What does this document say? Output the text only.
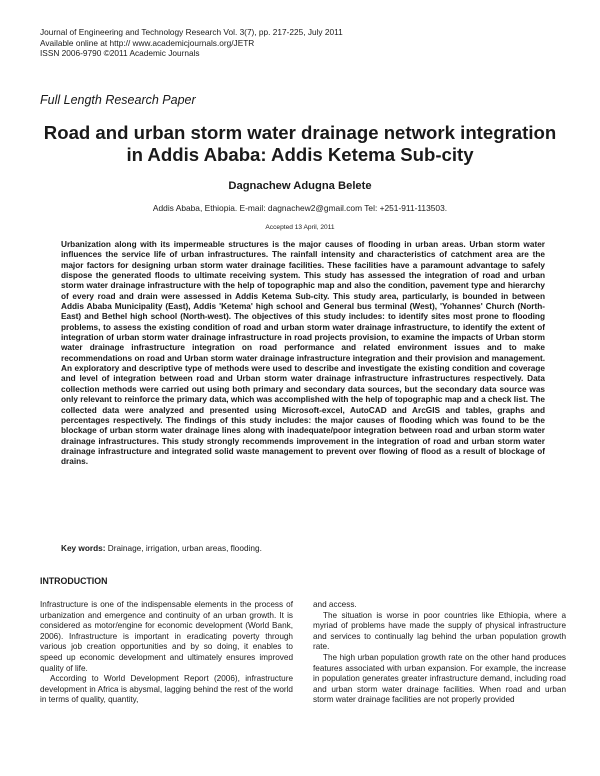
Journal of Engineering and Technology Research Vol. 3(7), pp. 217-225, July 2011
Available online at http:// www.academicjournals.org/JETR
ISSN 2006-9790 ©2011 Academic Journals
Full Length Research Paper
Road and urban storm water drainage network integration in Addis Ababa: Addis Ketema Sub-city
Dagnachew Adugna Belete
Addis Ababa, Ethiopia. E-mail: dagnachew2@gmail.com Tel: +251-911-113503.
Accepted 13 April, 2011

Urbanization along with its impermeable structures is the major causes of flooding in urban areas. Urban storm water influences the service life of urban infrastructures. The rainfall intensity and characteristics of catchment area are the major factors for designing urban storm water drainage facilities. These facilities have a paramount advantage to safely dispose the generated floods to ultimate receiving system. This study has assessed the integration of road and urban storm water drainage infrastructure with the help of topographic map and also the condition, pavement type and hierarchy of every road and drain were assessed in Addis Ketema Sub-city. This study area, particularly, is bounded in between Addis Ababa Municipality (East), Addis 'Ketema' high school and General bus terminal (West), 'Yohannes' Church (North-East) and Bethel high school (North-west). The objectives of this study includes: to identify sites most prone to flooding problems, to assess the existing condition of road and urban storm water drainage infrastructure, to identify the extent of integration of urban storm water drainage infrastructure in road projects provision, to examine the impacts of Urban storm water drainage infrastructure integration on road performance and related environment issues and to make recommendations on road and Urban storm water drainage infrastructure integration and their provision and management. An exploratory and descriptive type of methods were used to describe and investigate the existing condition and coverage and level of integration between road and Urban storm water drainage infrastructure infrastructures respectively. Data collection methods were carried out using both primary and secondary data sources, but the secondary data source was only relevant to reinforce the primary data, which was accomplished with the help of topographic map and a check list. The collected data were analyzed and presented using Microsoft-excel, AutoCAD and ArcGIS and tables, graphs and percentages respectively. The findings of this study includes: the major causes of flooding which was found to be the blockage of urban storm water drainage lines along with inadequate/poor integration between road and urban storm water drainage infrastructures. This study strongly recommends improvement in the integration of road and urban storm water drainage infrastructure and integrated solid waste management to prevent over flowing of flood as a result of blockage of drains.

Key words: Drainage, irrigation, urban areas, flooding.
INTRODUCTION

Infrastructure is one of the indispensable elements in the process of urbanization and emergence and continuity of an urban growth. It is considered as motor/engine for economic development (World Bank, 2006). Infrastructure is important in eradicating poverty through various job creation opportunities and by so doing, it enables to speed up economic development and ultimately ensures improved quality of life.

According to World Development Report (2006), infrastructure development in Africa is abysmal, lagging behind the rest of the world in terms of quality, quantity,

and access.

The situation is worse in poor countries like Ethiopia, where a myriad of problems have made the supply of physical infrastructure and services to continually lag behind the urban population growth rate.

The high urban population growth rate on the other hand produces features associated with urban expansion. For example, the increase in population generates greater infrastructure demand, including road and urban storm water drainage facilities. When road and urban storm water drainage facilities are not properly provided
